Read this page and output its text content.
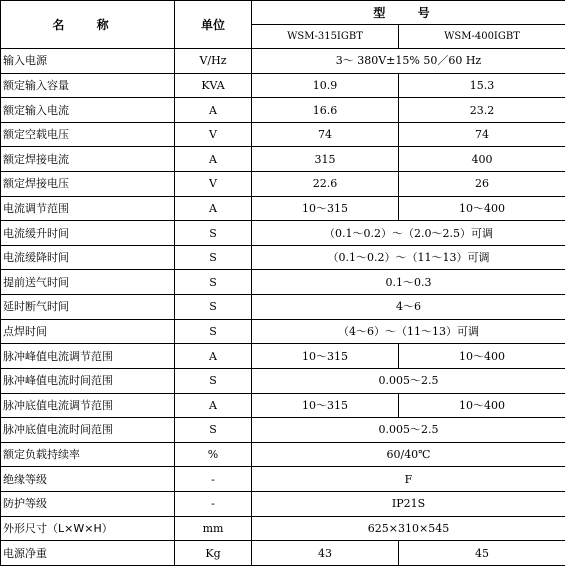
名 称	单位	型 号	
		WSM-315IGBT	WSM-400IGBT
输入电源	V/Hz	3～ 380V±15% 50／60 Hz	
额定输入容量	KVA	10.9	15.3
额定输入电流	A	16.6	23.2
额定空载电压	V	74	74
额定焊接电流	A	315	400
额定焊接电压	V	22.6	26
电流调节范围	A	10～315	10～400
电流缓升时间	S	（0.1～0.2）～（2.0～2.5）可调	
电流缓降时间	S	（0.1～0.2）～（11～13）可调	
提前送气时间	S	0.1～0.3	
延时断气时间	S	4～6	
点焊时间	S	（4～6）～（11～13）可调	
脉冲峰值电流调节范围	A	10～315	10～400
脉冲峰值电流时间范围	S	0.005～2.5	
脉冲底值电流调节范围	A	10～315	10～400
脉冲底值电流时间范围	S	0.005～2.5	
额定负载持续率	%	60/40℃	
绝缘等级	-	F	
防护等级	-	IP21S	
外形尺寸（L×W×H）	mm	625×310×545	
电源净重	Kg	43	45
